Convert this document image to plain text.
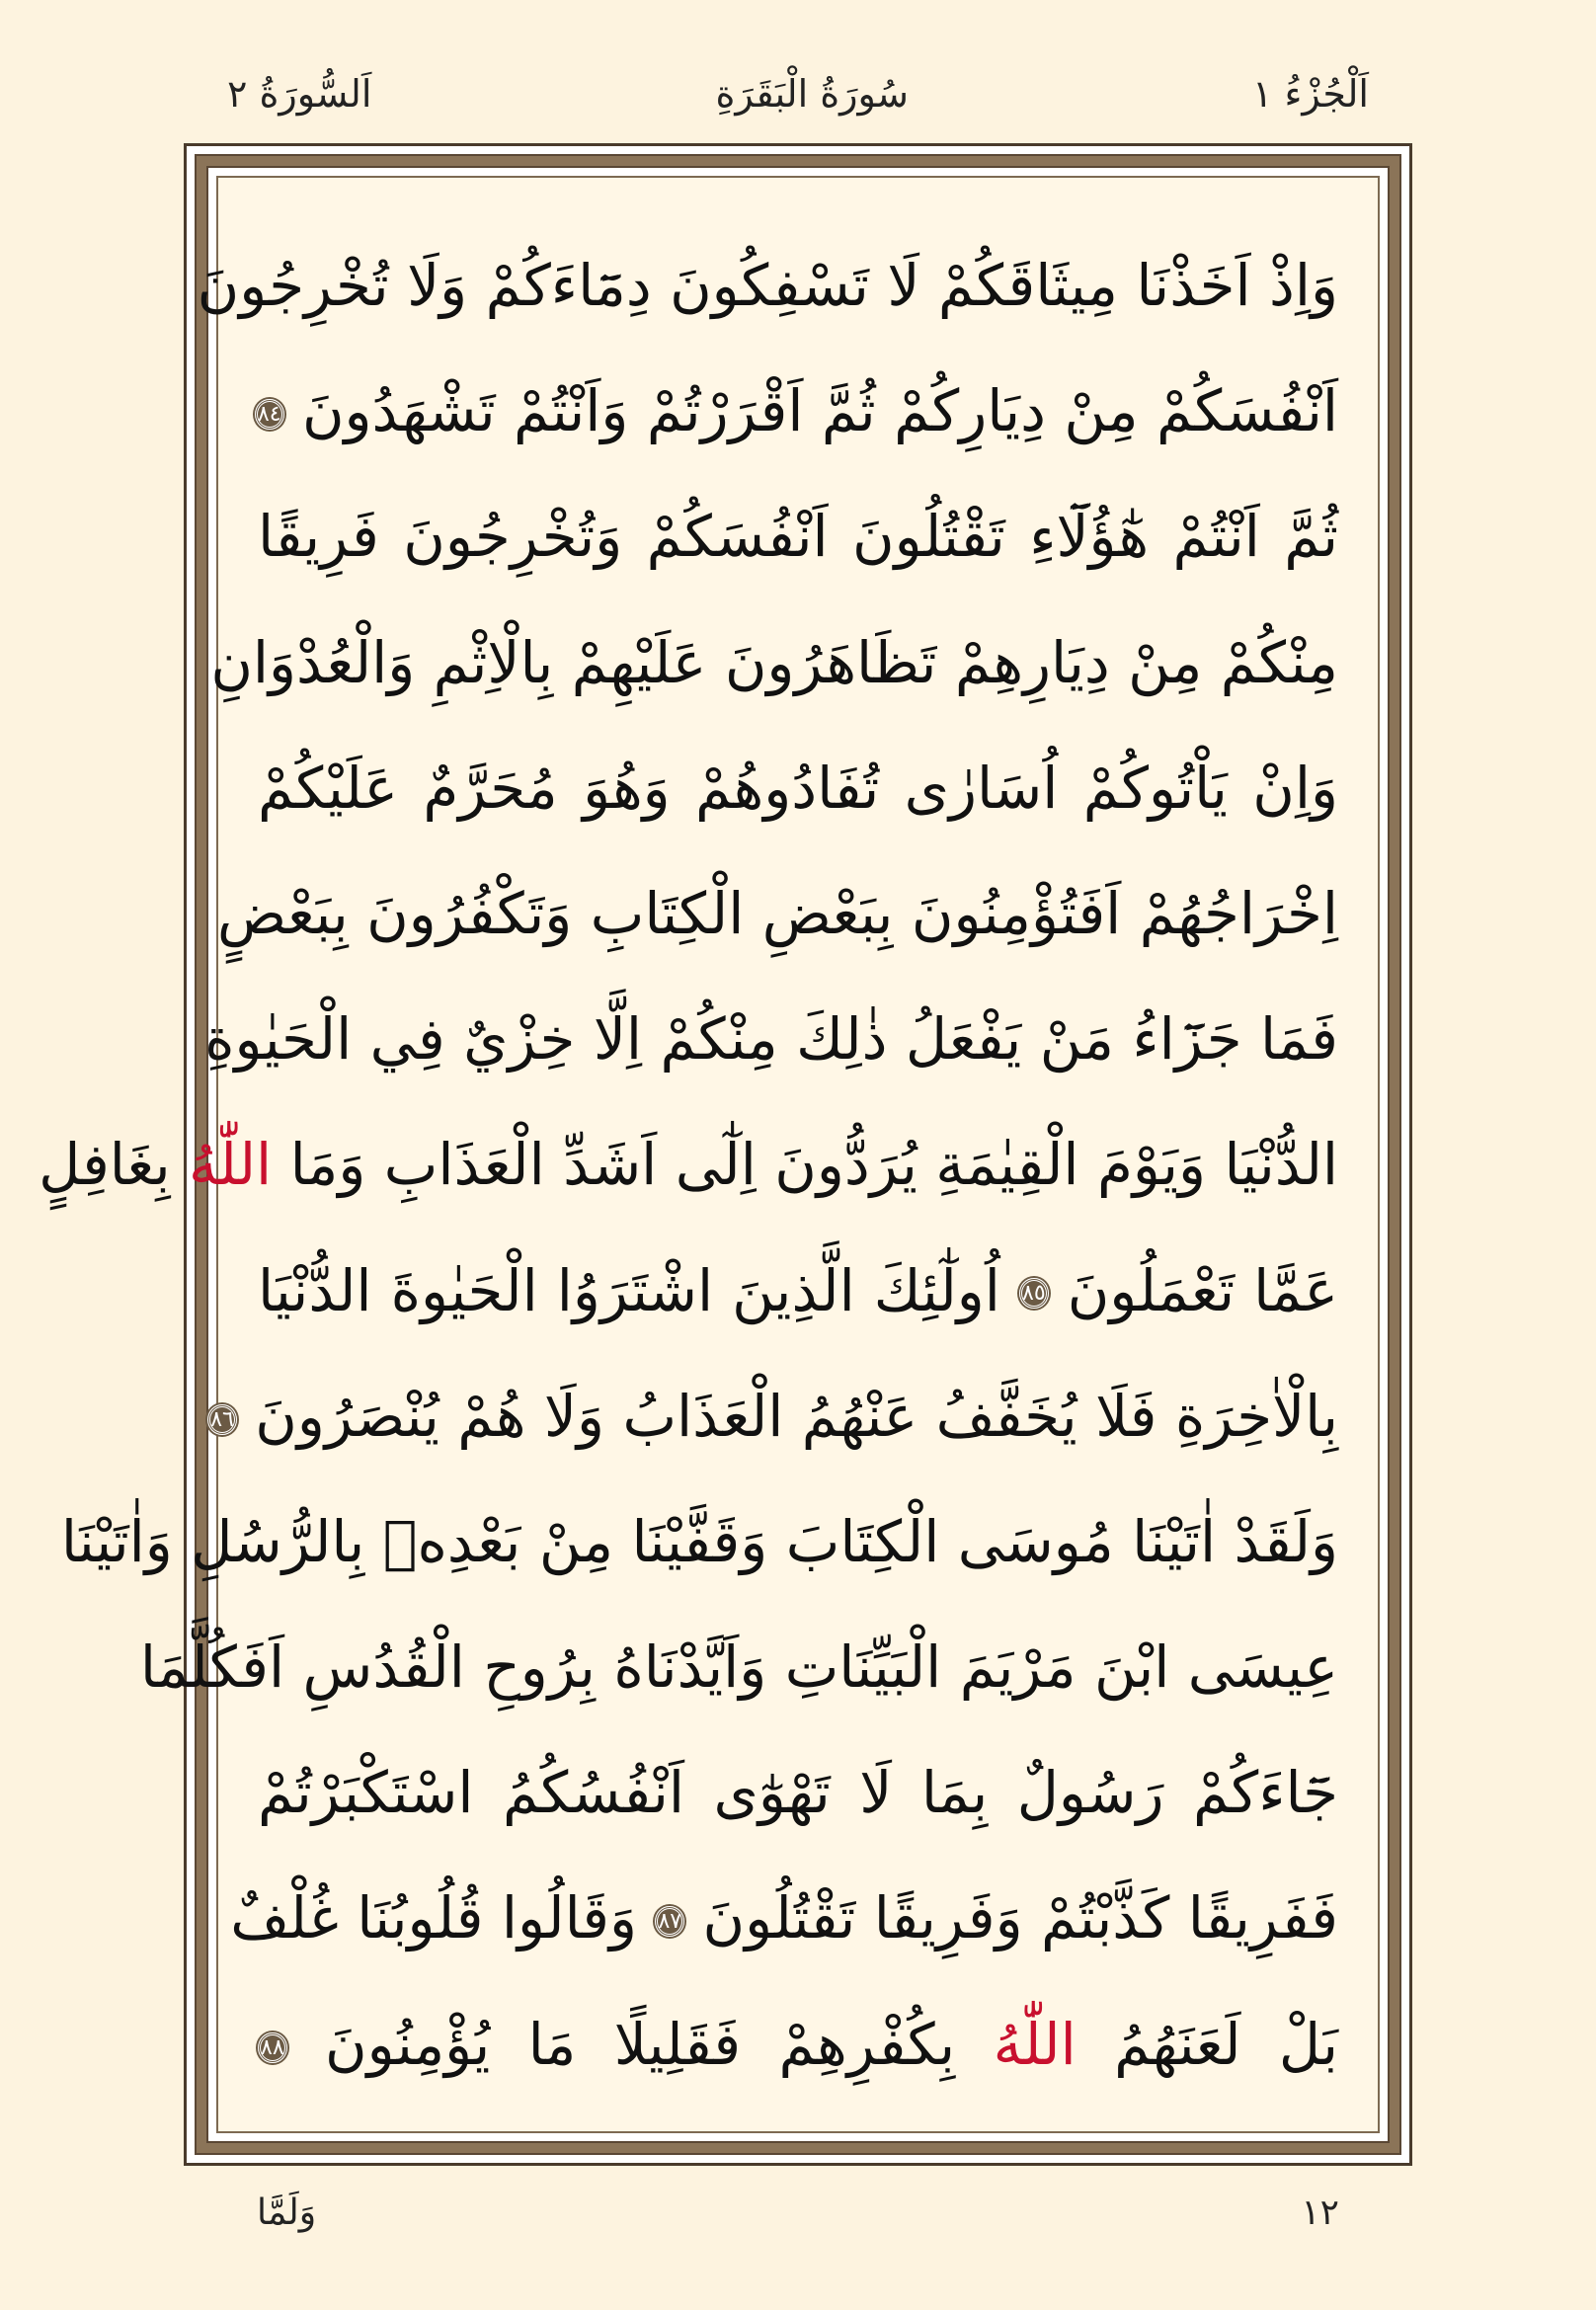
اَلْجُزْءُ ١
سُورَةُ الْبَقَرَةِ
اَلسُّورَةُ ٢
وَاِذْ اَخَذْنَا مِيثَاقَكُمْ لَا تَسْفِكُونَ دِمَٓاءَكُمْ وَلَا تُخْرِجُونَ
اَنْفُسَكُمْ مِنْ دِيَارِكُمْ ثُمَّ اَقْرَرْتُمْ وَاَنْتُمْ تَشْهَدُونَ ٨٤
ثُمَّ اَنْتُمْ هٰٓؤُلَٓاءِ تَقْتُلُونَ اَنْفُسَكُمْ وَتُخْرِجُونَ فَرِيقًا
مِنْكُمْ مِنْ دِيَارِهِمْ تَظَاهَرُونَ عَلَيْهِمْ بِالْاِثْمِ وَالْعُدْوَانِ
وَاِنْ يَاْتُوكُمْ اُسَارٰى تُفَادُوهُمْ وَهُوَ مُحَرَّمٌ عَلَيْكُمْ
اِخْرَاجُهُمْ اَفَتُؤْمِنُونَ بِبَعْضِ الْكِتَابِ وَتَكْفُرُونَ بِبَعْضٍ
فَمَا جَزَٓاءُ مَنْ يَفْعَلُ ذٰلِكَ مِنْكُمْ اِلَّا خِزْيٌ فِي الْحَيٰوةِ
الدُّنْيَا وَيَوْمَ الْقِيٰمَةِ يُرَدُّونَ اِلٰٓى اَشَدِّ الْعَذَابِ وَمَا اللّٰهُ بِغَافِلٍ
عَمَّا تَعْمَلُونَ ٨٥ اُولٰٓئِكَ الَّذِينَ اشْتَرَوُا الْحَيٰوةَ الدُّنْيَا
بِالْاٰخِرَةِ فَلَا يُخَفَّفُ عَنْهُمُ الْعَذَابُ وَلَا هُمْ يُنْصَرُونَ ٨٦
وَلَقَدْ اٰتَيْنَا مُوسَى الْكِتَابَ وَقَفَّيْنَا مِنْ بَعْدِهٖ بِالرُّسُلِ وَاٰتَيْنَا
عِيسَى ابْنَ مَرْيَمَ الْبَيِّنَاتِ وَاَيَّدْنَاهُ بِرُوحِ الْقُدُسِ اَفَكُلَّمَا
جَٓاءَكُمْ رَسُولٌ بِمَا لَا تَهْوٰٓى اَنْفُسُكُمُ اسْتَكْبَرْتُمْ
فَفَرِيقًا كَذَّبْتُمْ وَفَرِيقًا تَقْتُلُونَ ٨٧ وَقَالُوا قُلُوبُنَا غُلْفٌ
بَلْ لَعَنَهُمُ اللّٰهُ بِكُفْرِهِمْ فَقَلِيلًا مَا يُؤْمِنُونَ ٨٨
١٢
وَلَمَّا
